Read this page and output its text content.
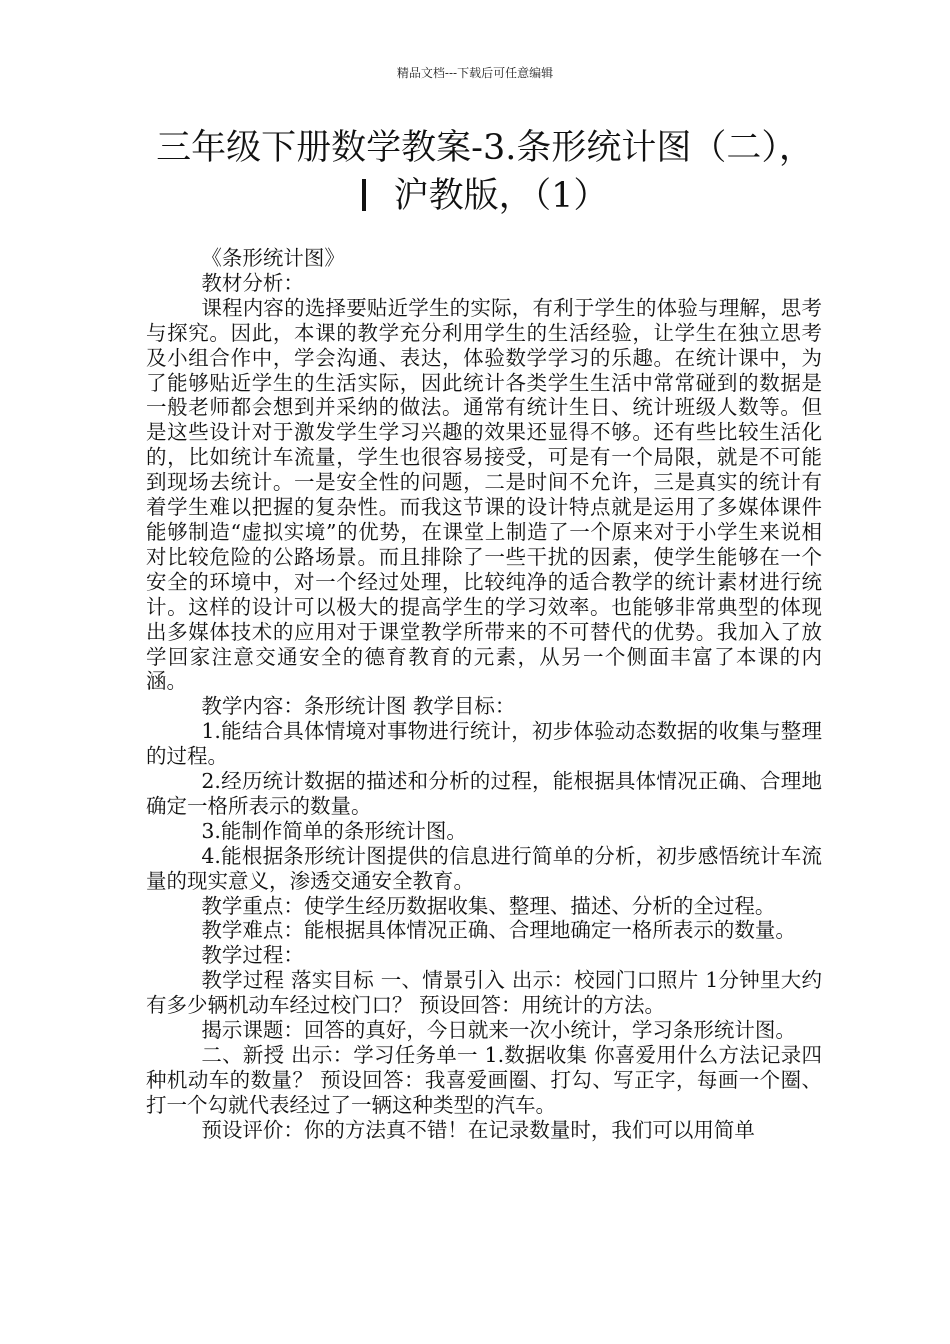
精品文档---下载后可任意编辑
三年级下册数学教案-3.条形统计图（二），
沪教版，（1）

《条形统计图》

教材分析：

课程内容的选择要贴近学生的实际，有利于学生的体验与理解，思考与探究。因此，本课的教学充分利用学生的生活经验，让学生在独立思考及小组合作中，学会沟通、表达，体验数学学习的乐趣。在统计课中，为了能够贴近学生的生活实际，因此统计各类学生生活中常常碰到的数据是一般老师都会想到并采纳的做法。通常有统计生日、统计班级人数等。但是这些设计对于激发学生学习兴趣的效果还显得不够。还有些比较生活化的，比如统计车流量，学生也很容易接受，可是有一个局限，就是不可能到现场去统计。一是安全性的问题，二是时间不允许，三是真实的统计有着学生难以把握的复杂性。而我这节课的设计特点就是运用了多媒体课件能够制造“虚拟实境”的优势，在课堂上制造了一个原来对于小学生来说相对比较危险的公路场景。而且排除了一些干扰的因素，使学生能够在一个安全的环境中，对一个经过处理，比较纯净的适合教学的统计素材进行统计。这样的设计可以极大的提高学生的学习效率。也能够非常典型的体现出多媒体技术的应用对于课堂教学所带来的不可替代的优势。我加入了放学回家注意交通安全的德育教育的元素，从另一个侧面丰富了本课的内涵。

教学内容：条形统计图 教学目标：

1.能结合具体情境对事物进行统计，初步体验动态数据的收集与整理的过程。

2.经历统计数据的描述和分析的过程，能根据具体情况正确、合理地确定一格所表示的数量。

3.能制作简单的条形统计图。

4.能根据条形统计图提供的信息进行简单的分析，初步感悟统计车流量的现实意义，渗透交通安全教育。

教学重点：使学生经历数据收集、整理、描述、分析的全过程。

教学难点：能根据具体情况正确、合理地确定一格所表示的数量。

教学过程：

教学过程 落实目标 一、情景引入 出示：校园门口照片 1分钟里大约有多少辆机动车经过校门口？ 预设回答：用统计的方法。

揭示课题：回答的真好，今日就来一次小统计，学习条形统计图。

二、新授 出示：学习任务单一 1.数据收集 你喜爱用什么方法记录四种机动车的数量？ 预设回答：我喜爱画圈、打勾、写正字，每画一个圈、打一个勾就代表经过了一辆这种类型的汽车。

预设评价：你的方法真不错！在记录数量时，我们可以用简单
